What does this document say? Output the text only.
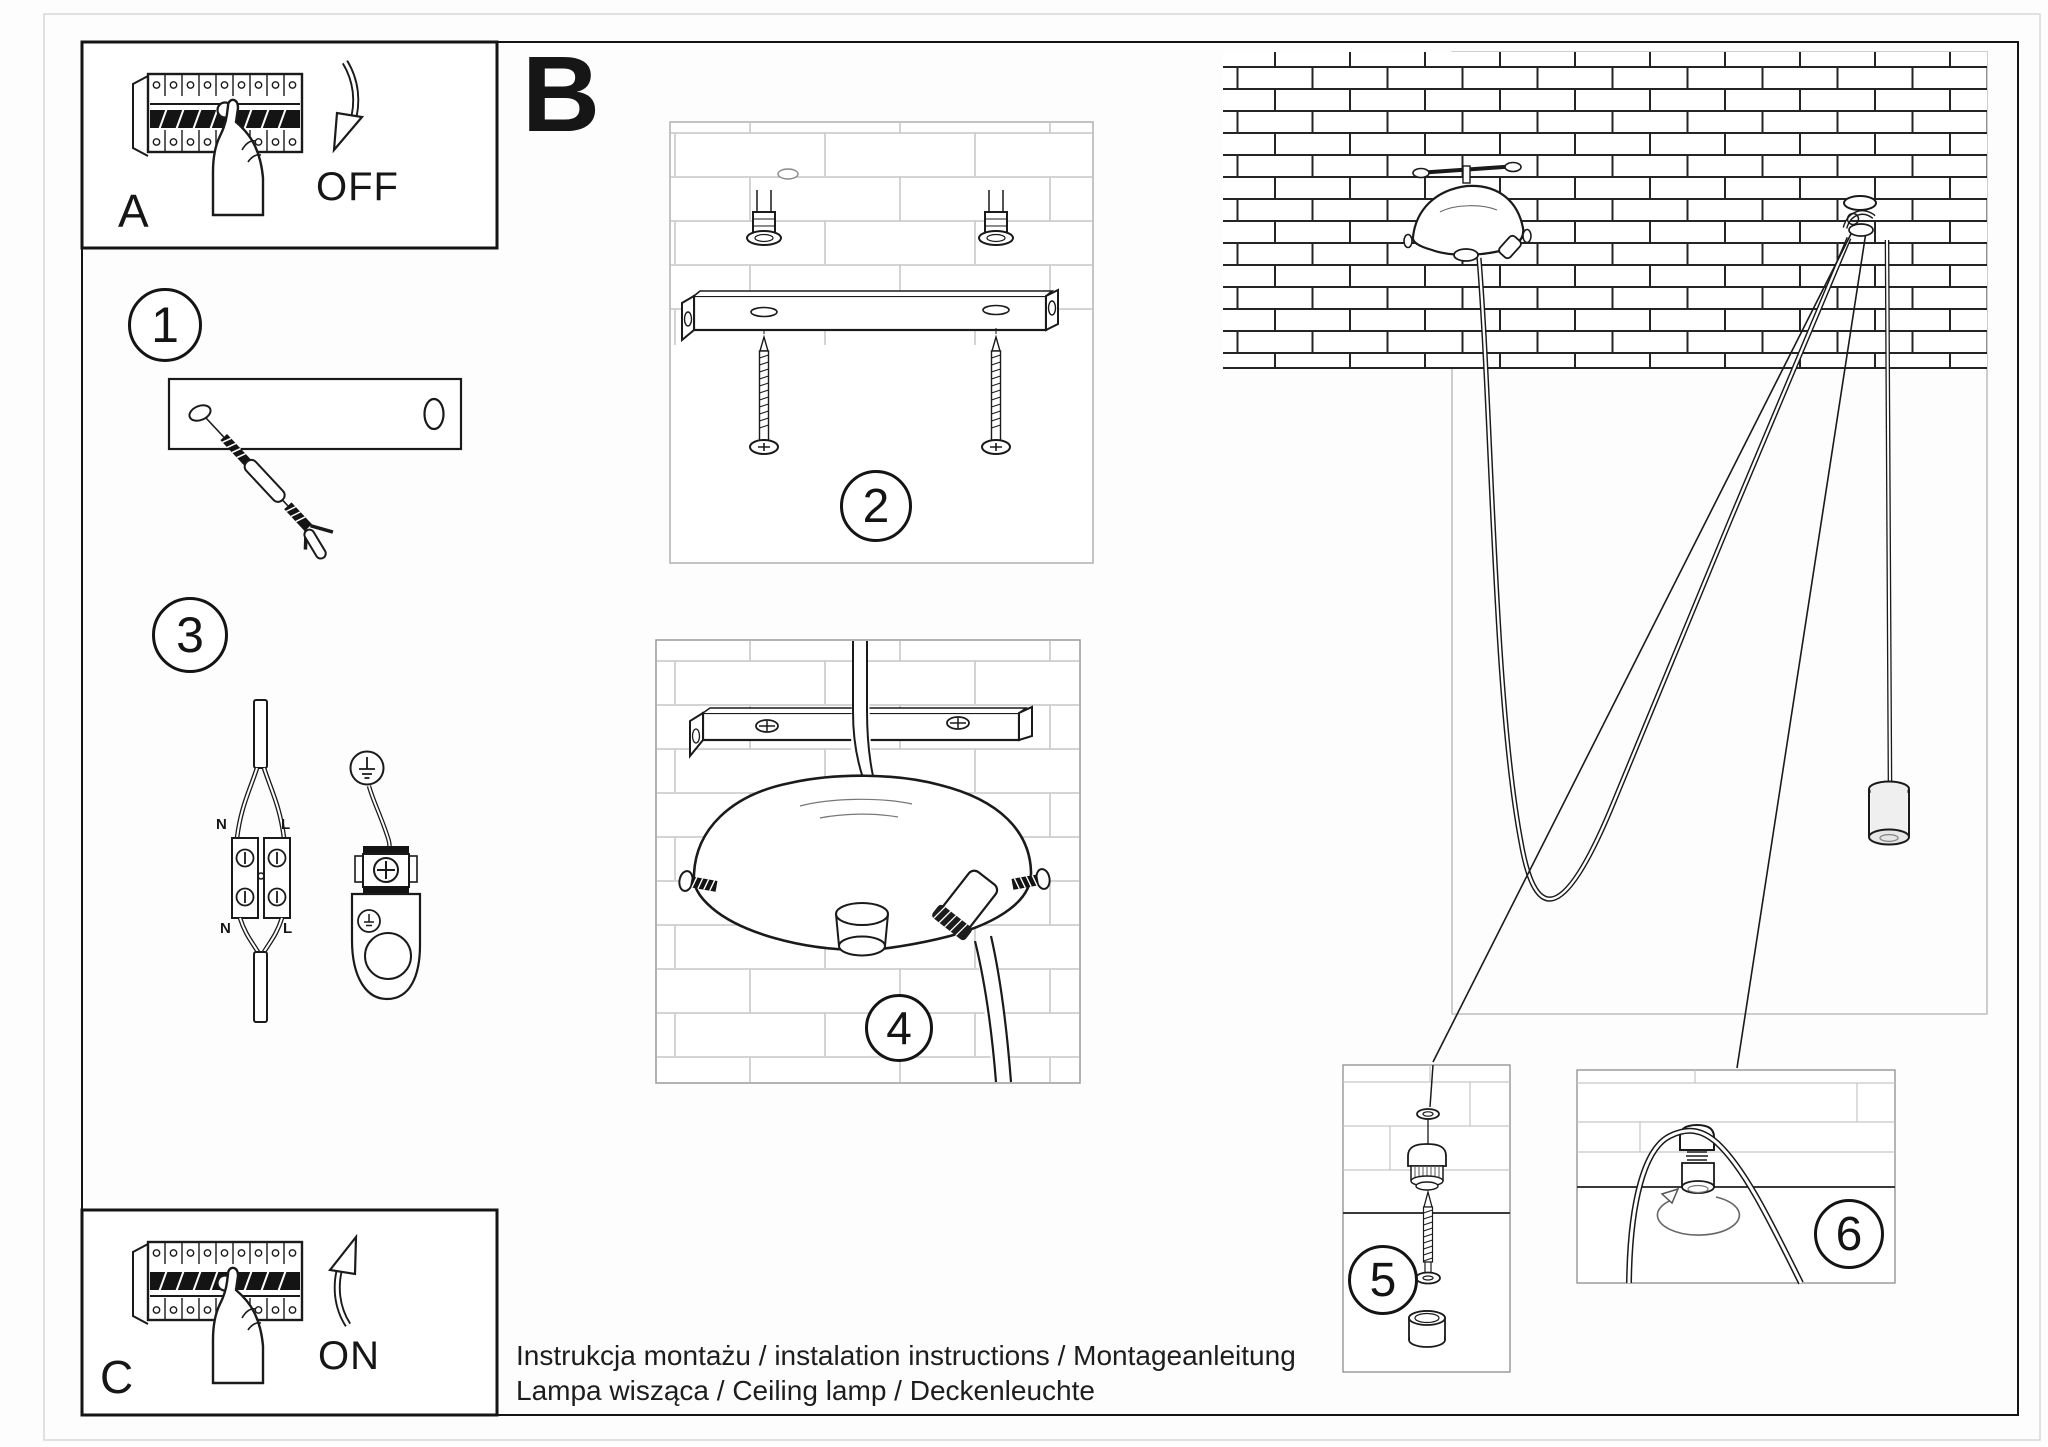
A	OFF
B
C	ON
1
2
3
4
5
6
N	L
N	L
Instrukcja montażu / instalation instructions / Montageanleitung
Lampa wisząca / Ceiling lamp / Deckenleuchte
